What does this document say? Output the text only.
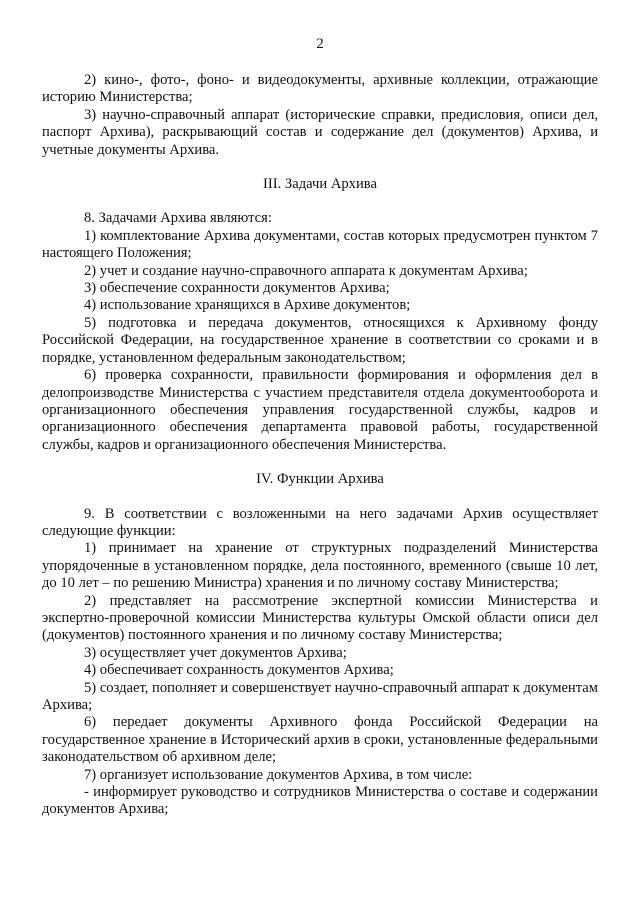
2

2) кино-, фото-, фоно- и видеодокументы, архивные коллекции, отражающие историю Министерства;

3) научно-справочный аппарат (исторические справки, предисловия, описи дел, паспорт Архива), раскрывающий состав и содержание дел (документов) Архива, и учетные документы Архива.

III. Задачи Архива

8. Задачами Архива являются:

1) комплектование Архива документами, состав которых предусмотрен пунктом 7 настоящего Положения;

2) учет и создание научно-справочного аппарата к документам Архива;

3) обеспечение сохранности документов Архива;

4) использование хранящихся в Архиве документов;

5) подготовка и передача документов, относящихся к Архивному фонду Российской Федерации, на государственное хранение в соответствии со сроками и в порядке, установленном федеральным законодательством;

6) проверка сохранности, правильности формирования и оформления дел в делопроизводстве Министерства с участием представителя отдела документооборота и организационного обеспечения управления государственной службы, кадров и организационного обеспечения департамента правовой работы, государственной службы, кадров и организационного обеспечения Министерства.

IV. Функции Архива

9. В соответствии с возложенными на него задачами Архив осуществляет следующие функции:

1) принимает на хранение от структурных подразделений Министерства упорядоченные в установленном порядке, дела постоянного, временного (свыше 10 лет, до 10 лет – по решению Министра) хранения и по личному составу Министерства;

2) представляет на рассмотрение экспертной комиссии Министерства и экспертно-проверочной комиссии Министерства культуры Омской области описи дел (документов) постоянного хранения и по личному составу Министерства;

3) осуществляет учет документов Архива;

4) обеспечивает сохранность документов Архива;

5) создает, пополняет и совершенствует научно-справочный аппарат к документам Архива;

6) передает документы Архивного фонда Российской Федерации на государственное хранение в Исторический архив в сроки, установленные федеральными законодательством об архивном деле;

7) организует использование документов Архива, в том числе:

- информирует руководство и сотрудников Министерства о составе и содержании документов Архива;
